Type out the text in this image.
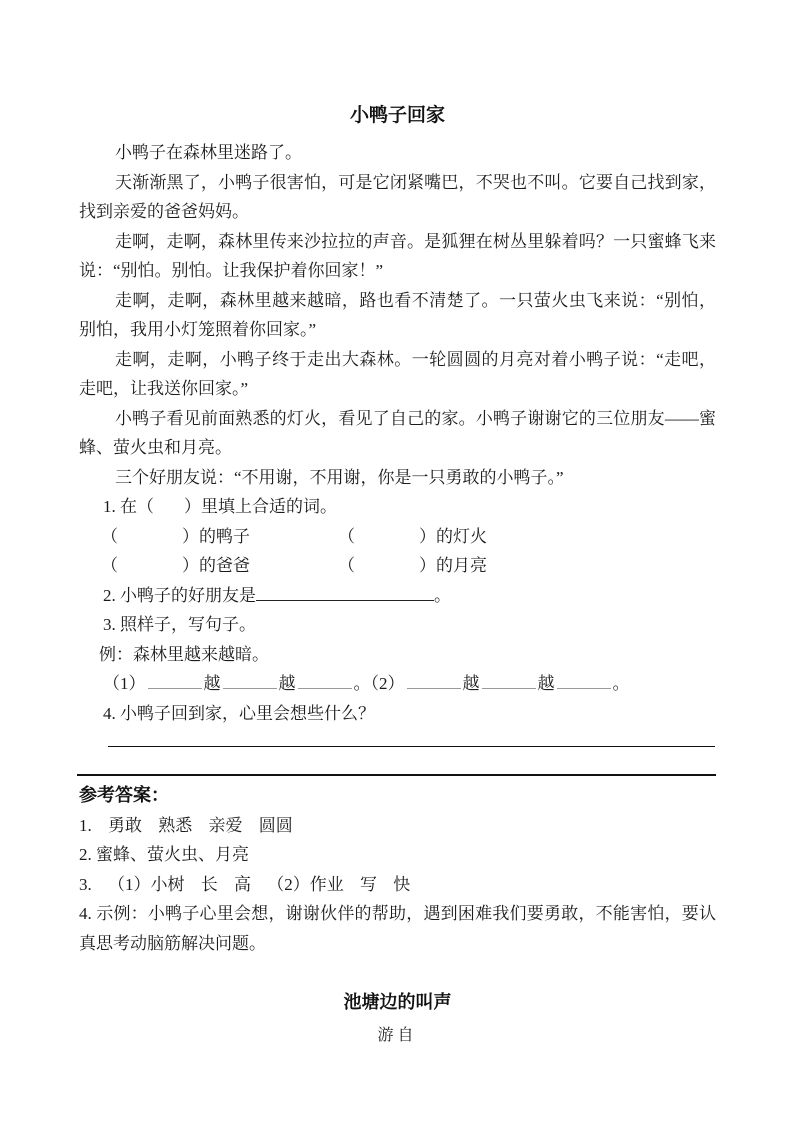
小鸭子回家

小鸭子在森林里迷路了。

天渐渐黑了，小鸭子很害怕，可是它闭紧嘴巴，不哭也不叫。它要自己找到家，找到亲爱的爸爸妈妈。

走啊，走啊，森林里传来沙拉拉的声音。是狐狸在树丛里躲着吗？一只蜜蜂飞来说：“别怕。别怕。让我保护着你回家！”

走啊，走啊，森林里越来越暗，路也看不清楚了。一只萤火虫飞来说：“别怕，别怕，我用小灯笼照着你回家。”

走啊，走啊，小鸭子终于走出大森林。一轮圆圆的月亮对着小鸭子说：“走吧，走吧，让我送你回家。”

小鸭子看见前面熟悉的灯火，看见了自己的家。小鸭子谢谢它的三位朋友——蜜蜂、萤火虫和月亮。

三个好朋友说：“不用谢，不用谢，你是一只勇敢的小鸭子。”

1. 在（ ）里填上合适的词。

（	）的鸭子	（	）的灯火
（	）的爸爸	（	）的月亮

2. 小鸭子的好朋友是	。

3. 照样子，写句子。

例：森林里越来越暗。

（1）	越	越	。（2）	越	越	。

4. 小鸭子回到家，心里会想些什么？

参考答案：

1. 勇敢 熟悉 亲爱 圆圆

2. 蜜蜂、萤火虫、月亮

3. （1）小树 长 高 （2）作业 写 快

4. 示例：小鸭子心里会想，谢谢伙伴的帮助，遇到困难我们要勇敢，不能害怕，要认真思考动脑筋解决问题。

池塘边的叫声

游自
